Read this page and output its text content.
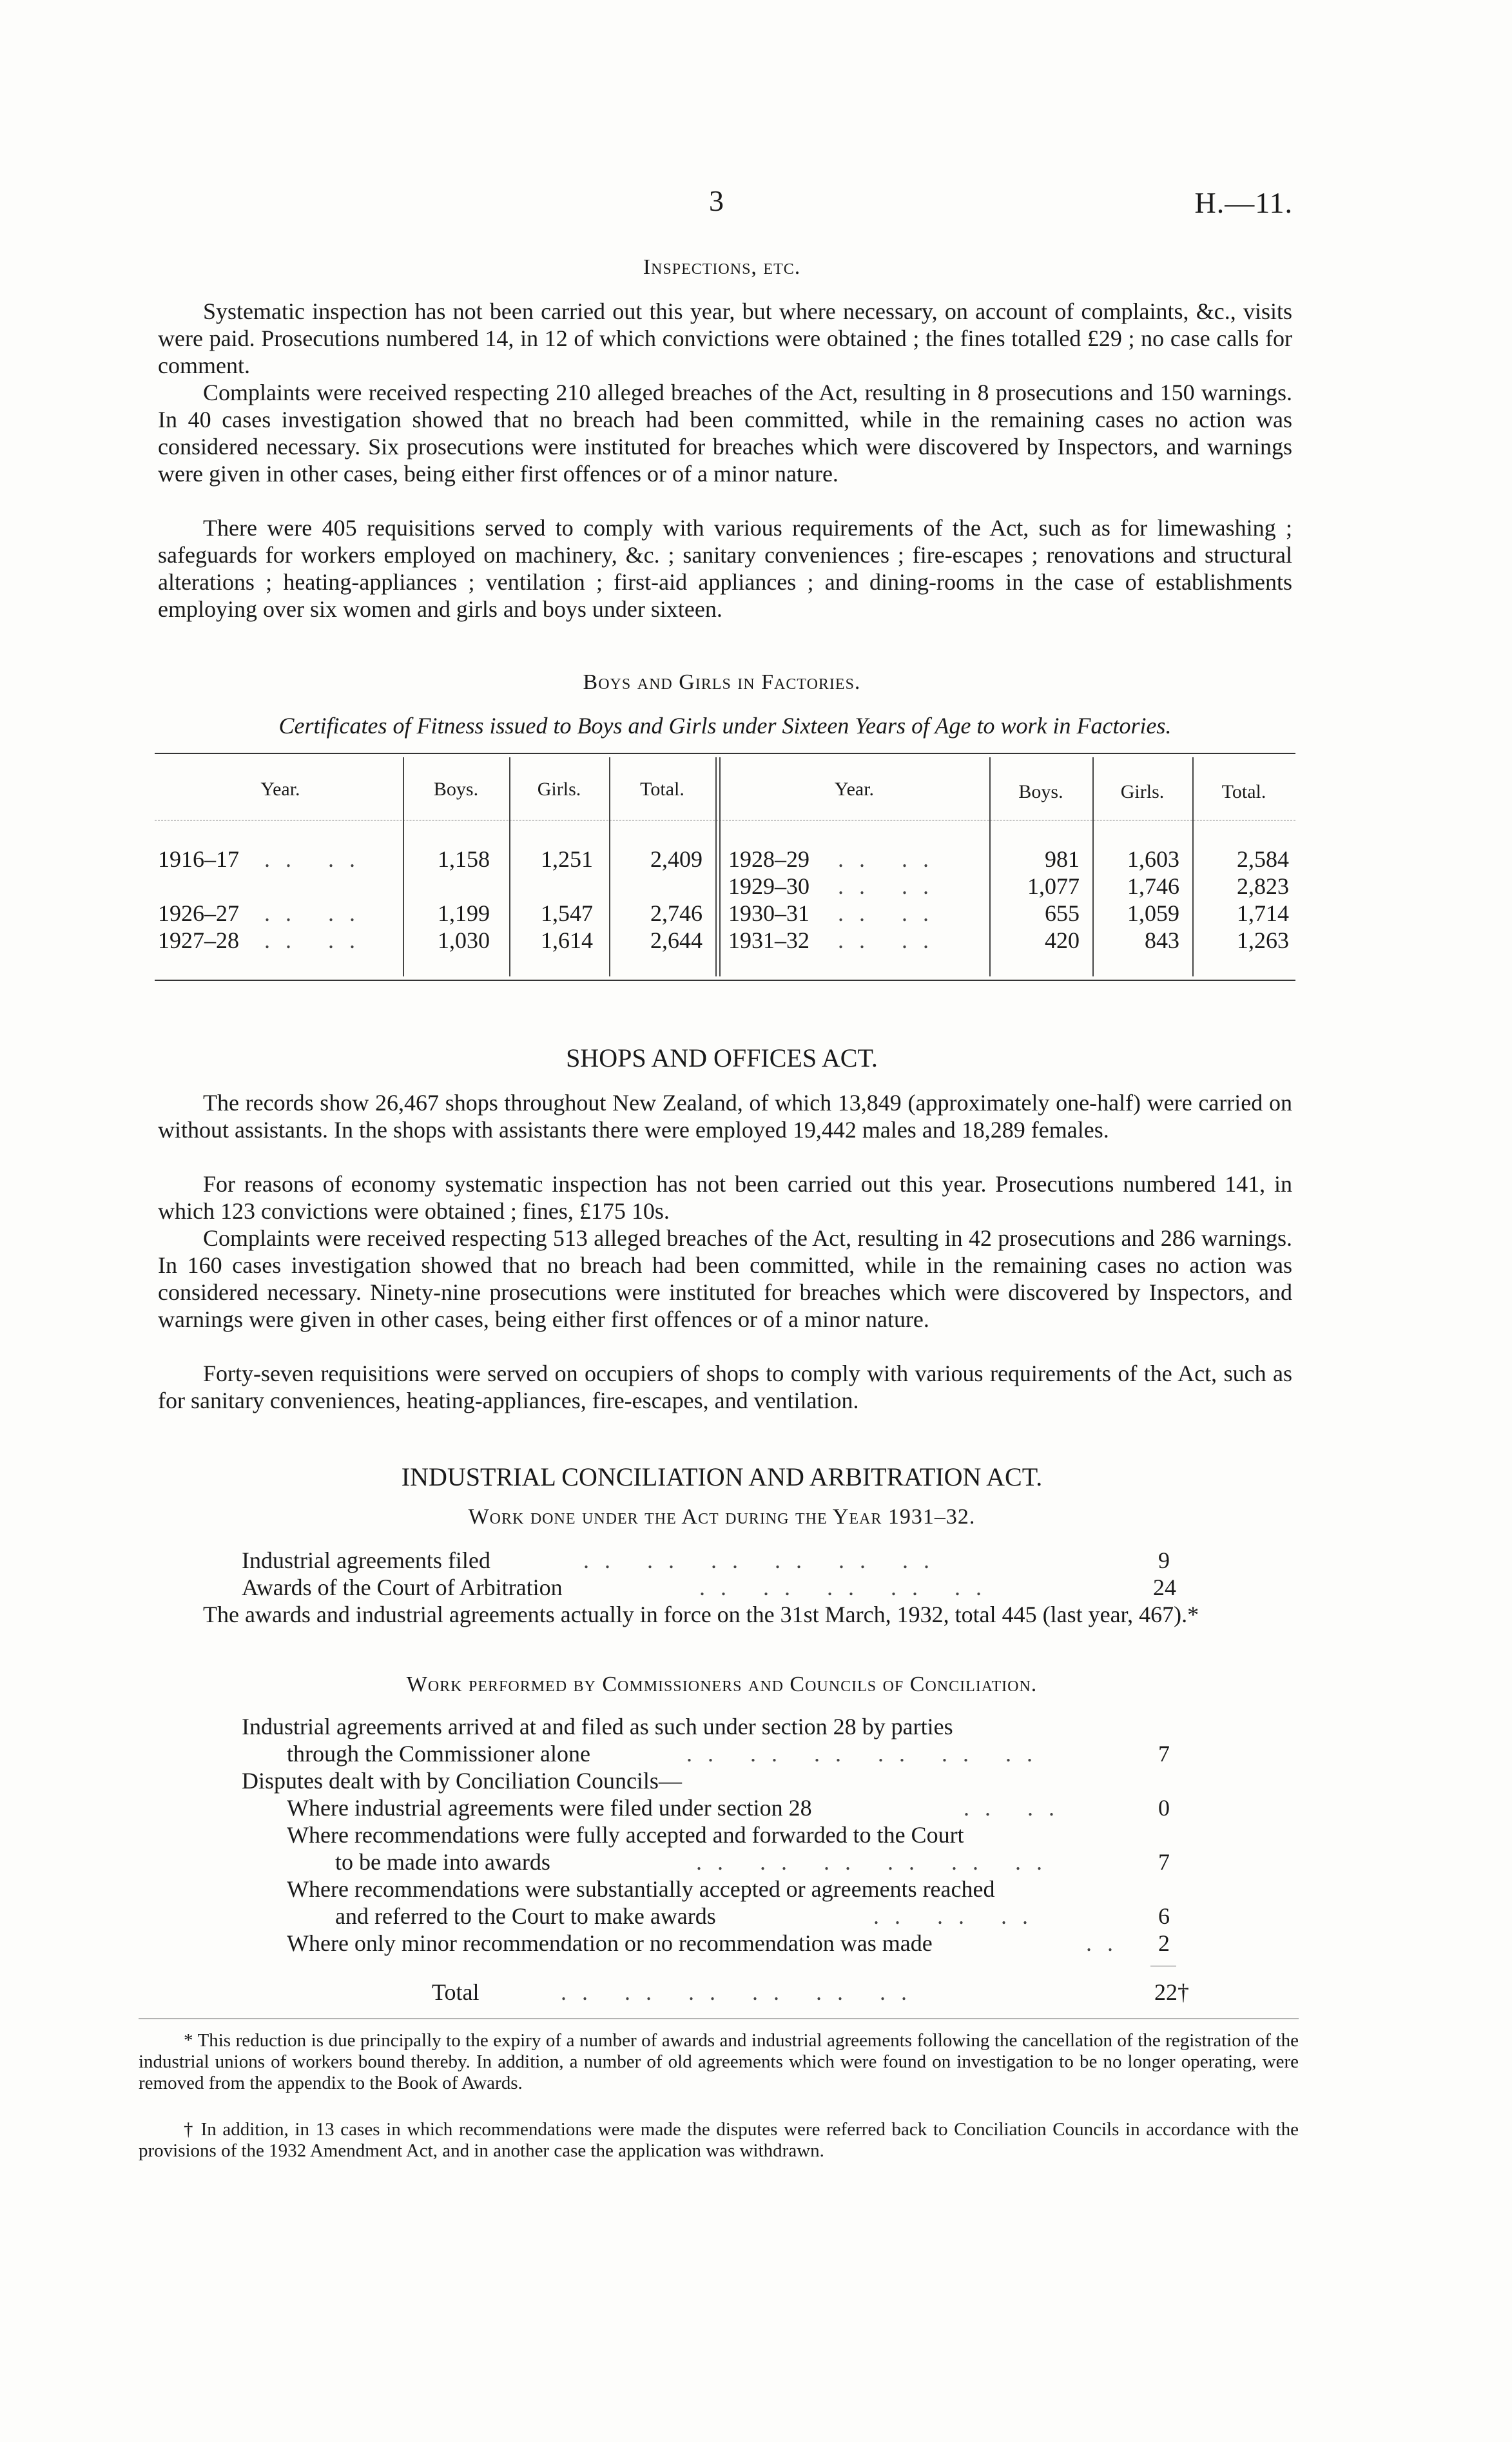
3	H.—11.
Inspections, etc.

Systematic inspection has not been carried out this year, but where necessary, on account of complaints, &c., visits were paid. Prosecutions numbered 14, in 12 of which convictions were obtained ; the fines totalled £29 ; no case calls for comment.

Complaints were received respecting 210 alleged breaches of the Act, resulting in 8 prosecutions and 150 warnings. In 40 cases investigation showed that no breach had been committed, while in the remaining cases no action was considered necessary. Six prosecutions were instituted for breaches which were discovered by Inspectors, and warnings were given in other cases, being either first offences or of a minor nature.

There were 405 requisitions served to comply with various requirements of the Act, such as for limewashing ; safeguards for workers employed on machinery, &c. ; sanitary conveniences ; fire-escapes ; renovations and structural alterations ; heating-appliances ; ventilation ; first-aid appliances ; and dining-rooms in the case of establishments employing over six women and girls and boys under sixteen.

Boys and Girls in Factories.
Certificates of Fitness issued to Boys and Girls under Sixteen Years of Age to work in Factories.
Year.	Boys.	Girls.	Total.	Year.	Boys.	Girls.	Total.
1916–17 .. ..	1,158	1,251	2,409
1926–27 .. ..	1,199	1,547	2,746
1927–28 .. ..	1,030	1,614	2,644
1928–29 .. ..	981	1,603	2,584
1929–30 .. ..	1,077	1,746	2,823
1930–31 .. ..	655	1,059	1,714
1931–32 .. ..	420	843	1,263
SHOPS AND OFFICES ACT.

The records show 26,467 shops throughout New Zealand, of which 13,849 (approximately one-half) were carried on without assistants. In the shops with assistants there were employed 19,442 males and 18,289 females.

For reasons of economy systematic inspection has not been carried out this year. Prosecutions numbered 141, in which 123 convictions were obtained ; fines, £175 10s.

Complaints were received respecting 513 alleged breaches of the Act, resulting in 42 prosecutions and 286 warnings. In 160 cases investigation showed that no breach had been committed, while in the remaining cases no action was considered necessary. Ninety-nine prosecutions were instituted for breaches which were discovered by Inspectors, and warnings were given in other cases, being either first offences or of a minor nature.

Forty-seven requisitions were served on occupiers of shops to comply with various requirements of the Act, such as for sanitary conveniences, heating-appliances, fire-escapes, and ventilation.

INDUSTRIAL CONCILIATION AND ARBITRATION ACT.
Work done under the Act during the Year 1931–32.
Industrial agreements filed	.. .. .. .. .. ..	9
Awards of the Court of Arbitration	.. .. .. .. ..	24

The awards and industrial agreements actually in force on the 31st March, 1932, total 445 (last year, 467).*

Work performed by Commissioners and Councils of Conciliation.
Industrial agreements arrived at and filed as such under section 28 by parties
through the Commissioner alone	.. .. .. .. .. ..	7
Disputes dealt with by Conciliation Councils—
Where industrial agreements were filed under section 28	.. ..	0
Where recommendations were fully accepted and forwarded to the Court
to be made into awards	.. .. .. .. .. ..	7
Where recommendations were substantially accepted or agreements reached
and referred to the Court to make awards	.. .. ..	6
Where only minor recommendation or no recommendation was made	..	2
Total	.. .. .. .. .. ..	22†

* This reduction is due principally to the expiry of a number of awards and industrial agreements following the cancellation of the registration of the industrial unions of workers bound thereby. In addition, a number of old agreements which were found on investigation to be no longer operating, were removed from the appendix to the Book of Awards.

† In addition, in 13 cases in which recommendations were made the disputes were referred back to Conciliation Councils in accordance with the provisions of the 1932 Amendment Act, and in another case the application was withdrawn.
